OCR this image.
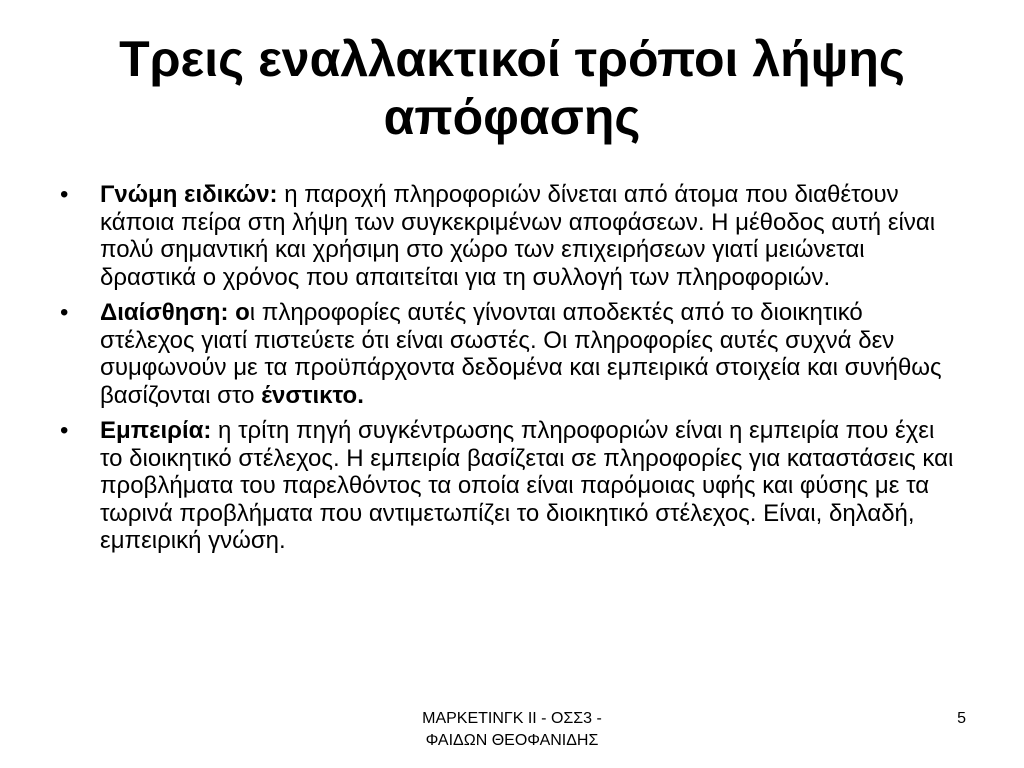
Τρεις εναλλακτικοί τρόποι λήψης
απόφασης
•	Γνώμη ειδικών: η παροχή πληροφοριών δίνεται από άτομα που διαθέτουν κάποια πείρα στη λήψη των συγκεκριμένων αποφάσεων. Η μέθοδος αυτή είναι πολύ σημαντική και χρήσιμη στο χώρο των επιχειρήσεων γιατί μειώνεται δραστικά ο χρόνος που απαιτείται για τη συλλογή των πληροφοριών.
•	Διαίσθηση: οι πληροφορίες αυτές γίνονται αποδεκτές από το διοικητικό στέλεχος γιατί πιστεύετε ότι είναι σωστές. Οι πληροφορίες αυτές συχνά δεν συμφωνούν με τα προϋπάρχοντα δεδομένα και εμπειρικά στοιχεία και συνήθως βασίζονται στο ένστικτο.
•	Εμπειρία: η τρίτη πηγή συγκέντρωσης πληροφοριών είναι η εμπειρία που έχει το διοικητικό στέλεχος. Η εμπειρία βασίζεται σε πληροφορίες για καταστάσεις και προβλήματα του παρελθόντος τα οποία είναι παρόμοιας υφής και φύσης με τα τωρινά προβλήματα που αντιμετωπίζει το διοικητικό στέλεχος. Είναι, δηλαδή, εμπειρική γνώση.
ΜΑΡΚΕΤΙΝΓΚ ΙΙ - ΟΣΣ3 -
ΦΑΙΔΩΝ ΘΕΟΦΑΝΙΔΗΣ
5
